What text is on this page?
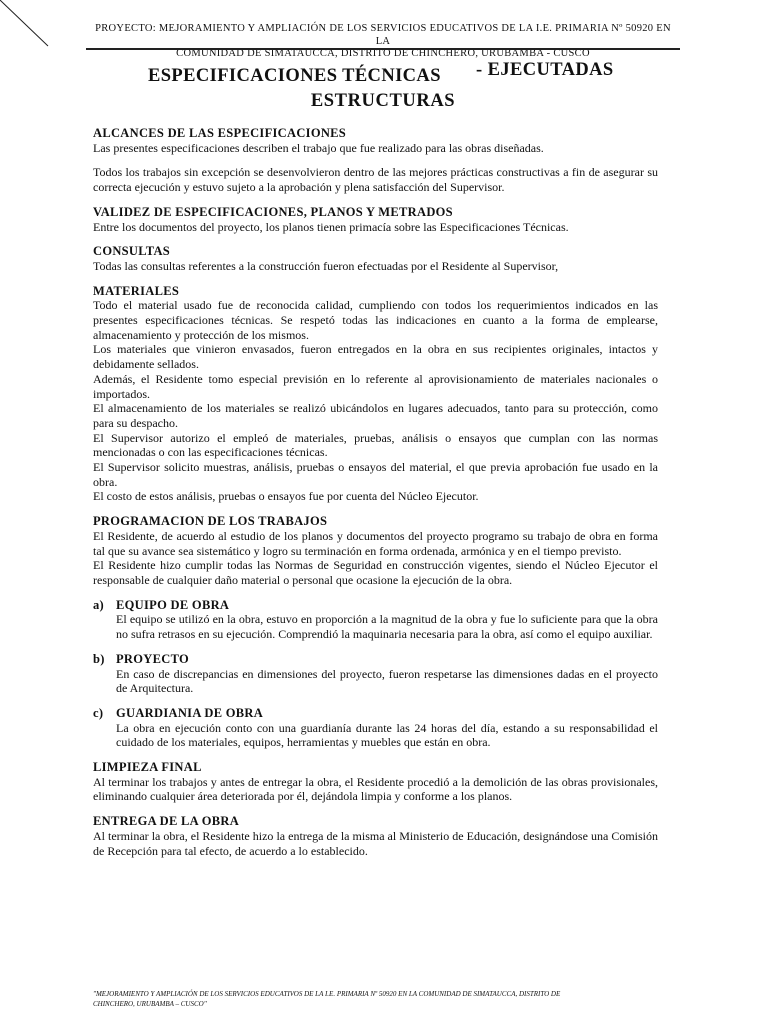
PROYECTO: MEJORAMIENTO Y AMPLIACIÓN DE LOS SERVICIOS EDUCATIVOS DE LA I.E. PRIMARIA Nº 50920 EN LA
COMUNIDAD DE SIMATAUCCA, DISTRITO DE CHINCHERO, URUBAMBA - CUSCO
ESPECIFICACIONES TÉCNICAS - EJECUTADAS
ESTRUCTURAS
ALCANCES DE LAS ESPECIFICACIONES

Las presentes especificaciones describen el trabajo que fue realizado para las obras diseñadas.

Todos los trabajos sin excepción se desenvolvieron dentro de las mejores prácticas constructivas a fin de asegurar su correcta ejecución y estuvo sujeto a la aprobación y plena satisfacción del Supervisor.

VALIDEZ DE ESPECIFICACIONES, PLANOS Y METRADOS

Entre los documentos del proyecto, los planos tienen primacía sobre las Especificaciones Técnicas.

CONSULTAS

Todas las consultas referentes a la construcción fueron efectuadas por el Residente al Supervisor,

MATERIALES

Todo el material usado fue de reconocida calidad, cumpliendo con todos los requerimientos indicados en las presentes especificaciones técnicas. Se respetó todas las indicaciones en cuanto a la forma de emplearse, almacenamiento y protección de los mismos.

Los materiales que vinieron envasados, fueron entregados en la obra en sus recipientes originales, intactos y debidamente sellados.

Además, el Residente tomo especial previsión en lo referente al aprovisionamiento de materiales nacionales o importados.

El almacenamiento de los materiales se realizó ubicándolos en lugares adecuados, tanto para su protección, como para su despacho.

El Supervisor autorizo el empleó de materiales, pruebas, análisis o ensayos que cumplan con las normas mencionadas o con las especificaciones técnicas.

El Supervisor solicito muestras, análisis, pruebas o ensayos del material, el que previa aprobación fue usado en la obra.

El costo de estos análisis, pruebas o ensayos fue por cuenta del Núcleo Ejecutor.

PROGRAMACION DE LOS TRABAJOS

El Residente, de acuerdo al estudio de los planos y documentos del proyecto programo su trabajo de obra en forma tal que su avance sea sistemático y logro su terminación en forma ordenada, armónica y en el tiempo previsto.

El Residente hizo cumplir todas las Normas de Seguridad en construcción vigentes, siendo el Núcleo Ejecutor el responsable de cualquier daño material o personal que ocasione la ejecución de la obra.

a) EQUIPO DE OBRA

El equipo se utilizó en la obra, estuvo en proporción a la magnitud de la obra y fue lo suficiente para que la obra no sufra retrasos en su ejecución. Comprendió la maquinaria necesaria para la obra, así como el equipo auxiliar.

b) PROYECTO

En caso de discrepancias en dimensiones del proyecto, fueron respetarse las dimensiones dadas en el proyecto de Arquitectura.

c)	GUARDIANIA DE OBRA

La obra en ejecución conto con una guardianía durante las 24 horas del día, estando a su responsabilidad el cuidado de los materiales, equipos, herramientas y muebles que están en obra.

LIMPIEZA FINAL

Al terminar los trabajos y antes de entregar la obra, el Residente procedió a la demolición de las obras provisionales, eliminando cualquier área deteriorada por él, dejándola limpia y conforme a los planos.

ENTREGA DE LA OBRA

Al terminar la obra, el Residente hizo la entrega de la misma al Ministerio de Educación, designándose una Comisión de Recepción para tal efecto, de acuerdo a lo establecido.

"MEJORAMIENTO Y AMPLIACIÓN DE LOS SERVICIOS EDUCATIVOS DE LA I.E. PRIMARIA Nº 50920 EN LA COMUNIDAD DE SIMATAUCCA, DISTRITO DE
CHINCHERO, URUBAMBA – CUSCO"
